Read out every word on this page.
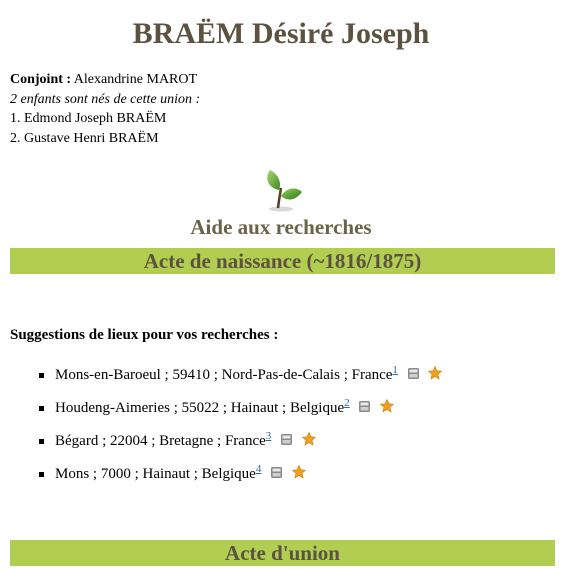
BRAËM Désiré Joseph
Conjoint : Alexandrine MAROT
2 enfants sont nés de cette union :
1. Edmond Joseph BRAËM
2. Gustave Henri BRAËM
Aide aux recherches
Acte de naissance (~1816/1875)
Suggestions de lieux pour vos recherches :
Mons-en-Baroeul ; 59410 ; Nord-Pas-de-Calais ; France$^1$
Houdeng-Aimeries ; 55022 ; Hainaut ; Belgique$^2$
Bégard ; 22004 ; Bretagne ; France$^3$
Mons ; 7000 ; Hainaut ; Belgique$^4$
Acte d'union
